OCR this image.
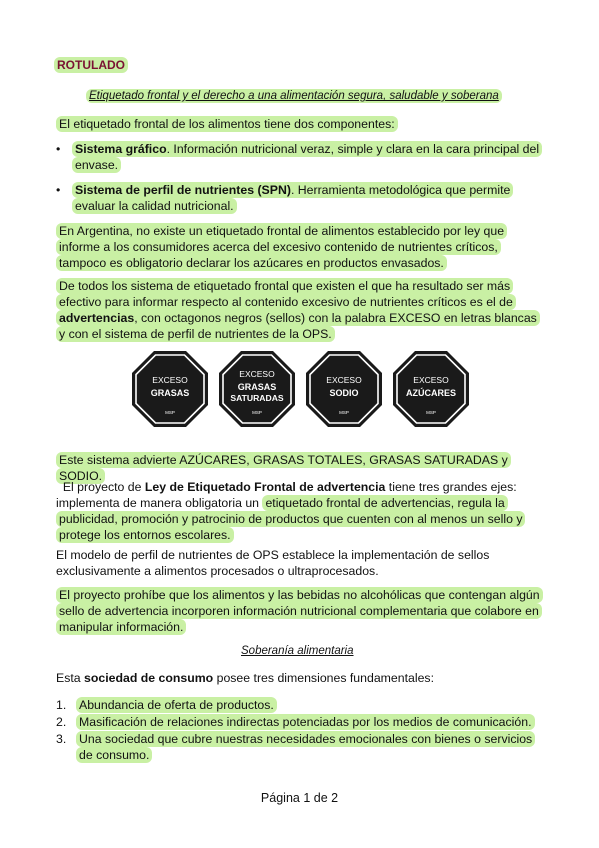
ROTULADO
Etiquetado frontal y el derecho a una alimentación segura, saludable y soberana
El etiquetado frontal de los alimentos tiene dos componentes:
•	Sistema gráfico. Información nutricional veraz, simple y clara en la cara principal del envase.
•	Sistema de perfil de nutrientes (SPN). Herramienta metodológica que permite evaluar la calidad nutricional.
En Argentina, no existe un etiquetado frontal de alimentos establecido por ley que informe a los consumidores acerca del excesivo contenido de nutrientes críticos, tampoco es obligatorio declarar los azúcares en productos envasados.
De todos los sistema de etiquetado frontal que existen el que ha resultado ser más efectivo para informar respecto al contenido excesivo de nutrientes críticos es el de advertencias, con octagonos negros (sellos) con la palabra EXCESO en letras blancas y con el sistema de perfil de nutrientes de la OPS.
EXCESO
GRASAS
MSP
EXCESO
GRASAS
SATURADAS
MSP
EXCESO
SODIO
MSP
EXCESO
AZÚCARES
MSP
Este sistema advierte AZÚCARES, GRASAS TOTALES, GRASAS SATURADAS y SODIO.
El proyecto de Ley de Etiquetado Frontal de advertencia tiene tres grandes ejes: implementa de manera obligatoria un etiquetado frontal de advertencias, regula la publicidad, promoción y patrocinio de productos que cuenten con al menos un sello y protege los entornos escolares.
El modelo de perfil de nutrientes de OPS establece la implementación de sellos exclusivamente a alimentos procesados o ultraprocesados.
El proyecto prohíbe que los alimentos y las bebidas no alcohólicas que contengan algún sello de advertencia incorporen información nutricional complementaria que colabore en manipular información.
Soberanía alimentaria
Esta sociedad de consumo posee tres dimensiones fundamentales:
1. Abundancia de oferta de productos.
2. Masificación de relaciones indirectas potenciadas por los medios de comunicación.
3. Una sociedad que cubre nuestras necesidades emocionales con bienes o servicios de consumo.
Página 1 de 2
